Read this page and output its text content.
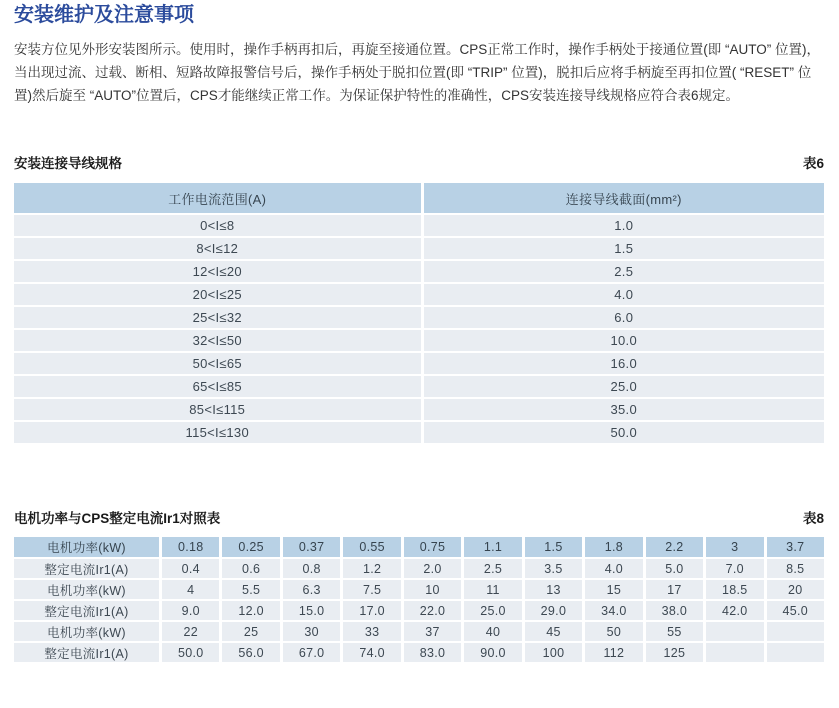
安装维护及注意事项

安装方位见外形安装图所示。使用时，操作手柄再扣后，再旋至接通位置。CPS正常工作时，操作手柄处于接通位置(即 “AUTO” 位置)，当出现过流、过载、断相、短路故障报警信号后，操作手柄处于脱扣位置(即 “TRIP” 位置)，脱扣后应将手柄旋至再扣位置( “RESET” 位置)然后旋至 “AUTO”位置后，CPS才能继续正常工作。为保证保护特性的准确性，CPS安装连接导线规格应符合表6规定。

安装连接导线规格	表6
工作电流范围(A)	连接导线截面(mm²)
0<I≤8	1.0
8<I≤12	1.5
12<I≤20	2.5
20<I≤25	4.0
25<I≤32	6.0
32<I≤50	10.0
50<I≤65	16.0
65<I≤85	25.0
85<I≤115	35.0
115<I≤130	50.0
电机功率与CPS整定电流Ir1对照表	表8
电机功率(kW)	0.18	0.25	0.37	0.55	0.75	1.1	1.5	1.8	2.2	3	3.7
整定电流Ir1(A)	0.4	0.6	0.8	1.2	2.0	2.5	3.5	4.0	5.0	7.0	8.5
电机功率(kW)	4	5.5	6.3	7.5	10	11	13	15	17	18.5	20
整定电流Ir1(A)	9.0	12.0	15.0	17.0	22.0	25.0	29.0	34.0	38.0	42.0	45.0
电机功率(kW)	22	25	30	33	37	40	45	50	55
整定电流Ir1(A)	50.0	56.0	67.0	74.0	83.0	90.0	100	112	125
